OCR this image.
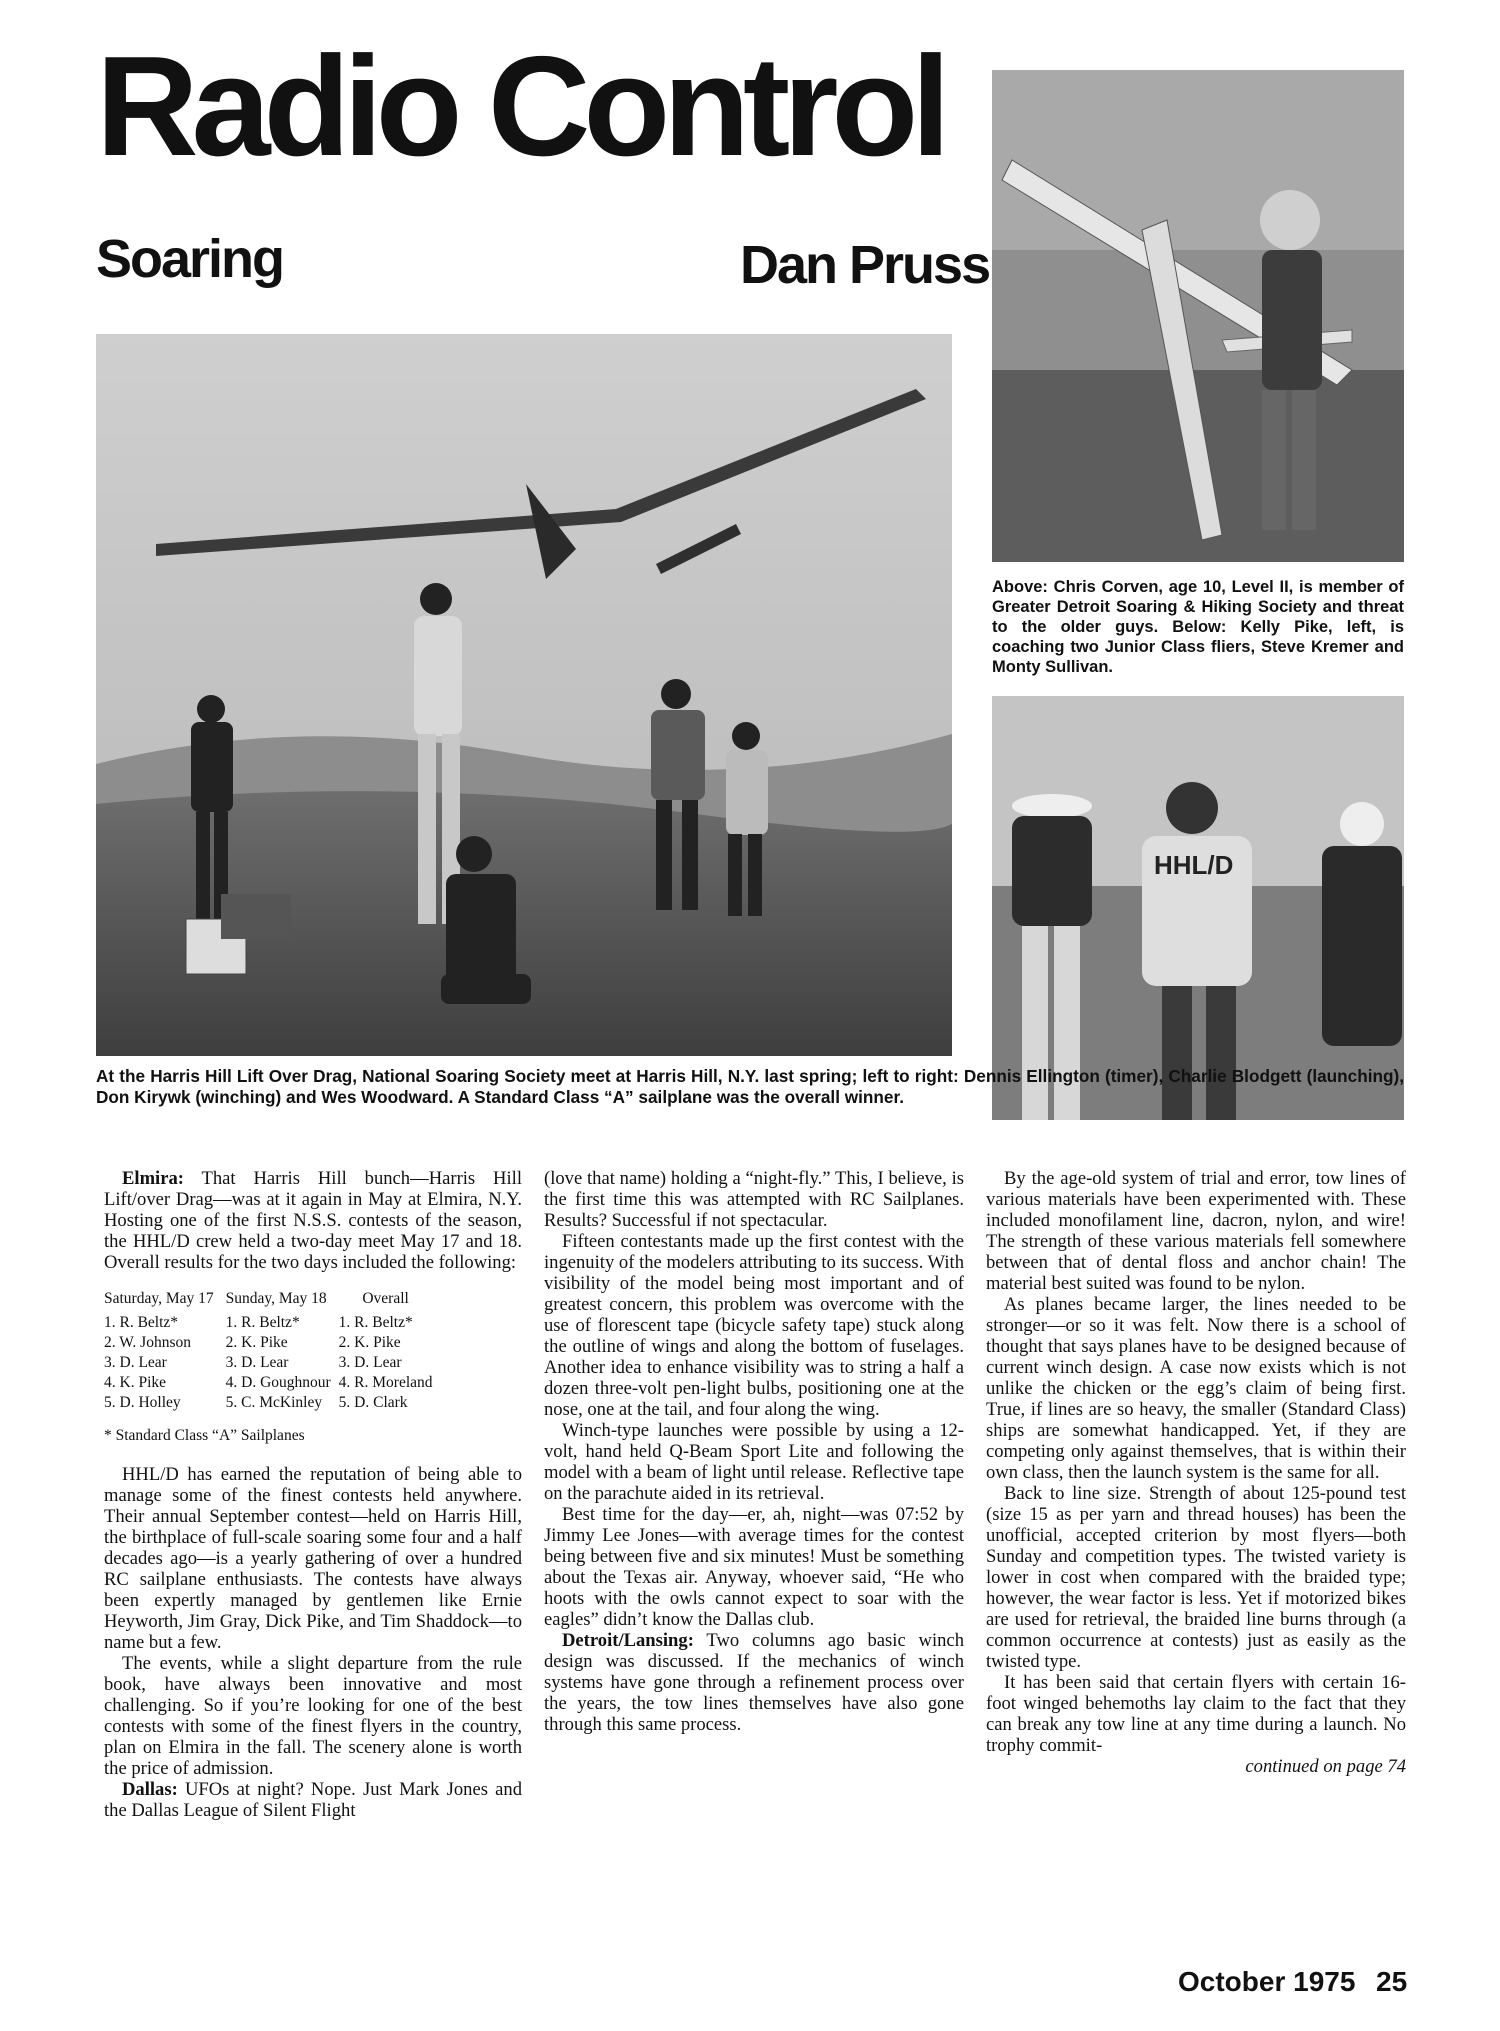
Radio Control
Soaring	Dan Pruss
Above: Chris Corven, age 10, Level II, is member of Greater Detroit Soaring & Hiking Society and threat to the older guys. Below: Kelly Pike, left, is coaching two Junior Class fliers, Steve Kremer and Monty Sullivan.
HHL/D
At the Harris Hill Lift Over Drag, National Soaring Society meet at Harris Hill, N.Y. last spring; left to right: Dennis Ellington (timer), Charlie Blodgett (launching), Don Kirywk (winching) and Wes Woodward. A Standard Class “A” sailplane was the overall winner.

Elmira: That Harris Hill bunch—Harris Hill Lift/over Drag—was at it again in May at Elmira, N.Y. Hosting one of the first N.S.S. contests of the season, the HHL/D crew held a two-day meet May 17 and 18. Overall results for the two days included the following:

Saturday, May 17	Sunday, May 18	Overall
1. R. Beltz*	1. R. Beltz*	1. R. Beltz*
2. W. Johnson	2. K. Pike	2. K. Pike
3. D. Lear	3. D. Lear	3. D. Lear
4. K. Pike	4. D. Goughnour	4. R. Moreland
5. D. Holley	5. C. McKinley	5. D. Clark
* Standard Class “A” Sailplanes

HHL/D has earned the reputation of being able to manage some of the finest contests held anywhere. Their annual September contest—held on Harris Hill, the birthplace of full-scale soaring some four and a half decades ago—is a yearly gathering of over a hundred RC sailplane enthusiasts. The contests have always been expertly managed by gentlemen like Ernie Heyworth, Jim Gray, Dick Pike, and Tim Shaddock—to name but a few.

The events, while a slight departure from the rule book, have always been innovative and most challenging. So if you’re looking for one of the best contests with some of the finest flyers in the country, plan on Elmira in the fall. The scenery alone is worth the price of admission.

Dallas: UFOs at night? Nope. Just Mark Jones and the Dallas League of Silent Flight

(love that name) holding a “night-fly.” This, I believe, is the first time this was attempted with RC Sailplanes. Results? Successful if not spectacular.

Fifteen contestants made up the first contest with the ingenuity of the modelers attributing to its success. With visibility of the model being most important and of greatest concern, this problem was overcome with the use of florescent tape (bicycle safety tape) stuck along the outline of wings and along the bottom of fuselages. Another idea to enhance visibility was to string a half a dozen three-volt pen-light bulbs, positioning one at the nose, one at the tail, and four along the wing.

Winch-type launches were possible by using a 12-volt, hand held Q-Beam Sport Lite and following the model with a beam of light until release. Reflective tape on the parachute aided in its retrieval.

Best time for the day—er, ah, night—was 07:52 by Jimmy Lee Jones—with average times for the contest being between five and six minutes! Must be something about the Texas air. Anyway, whoever said, “He who hoots with the owls cannot expect to soar with the eagles” didn’t know the Dallas club.

Detroit/Lansing: Two columns ago basic winch design was discussed. If the mechanics of winch systems have gone through a refinement process over the years, the tow lines themselves have also gone through this same process.

By the age-old system of trial and error, tow lines of various materials have been experimented with. These included monofilament line, dacron, nylon, and wire! The strength of these various materials fell somewhere between that of dental floss and anchor chain! The material best suited was found to be nylon.

As planes became larger, the lines needed to be stronger—or so it was felt. Now there is a school of thought that says planes have to be designed because of current winch design. A case now exists which is not unlike the chicken or the egg’s claim of being first. True, if lines are so heavy, the smaller (Standard Class) ships are somewhat handicapped. Yet, if they are competing only against themselves, that is within their own class, then the launch system is the same for all.

Back to line size. Strength of about 125-pound test (size 15 as per yarn and thread houses) has been the unofficial, accepted criterion by most flyers—both Sunday and competition types. The twisted variety is lower in cost when compared with the braided type; however, the wear factor is less. Yet if motorized bikes are used for retrieval, the braided line burns through (a common occurrence at contests) just as easily as the twisted type.

It has been said that certain flyers with certain 16-foot winged behemoths lay claim to the fact that they can break any tow line at any time during a launch. No trophy commit-

continued on page 74

October 1975 25
